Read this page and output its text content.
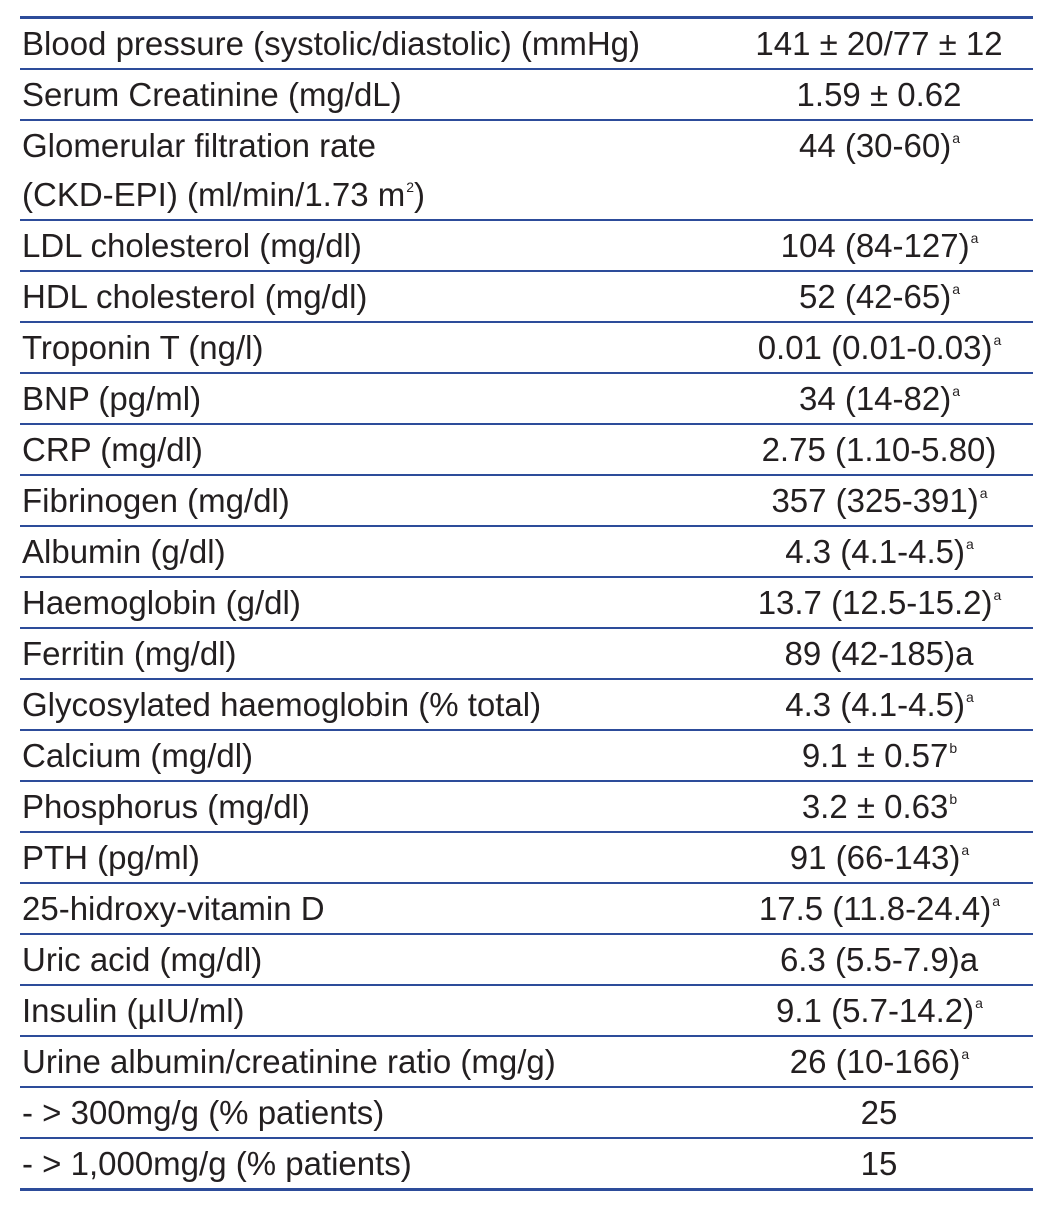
Blood pressure (systolic/diastolic) (mmHg)	141 ± 20/77 ± 12
Serum Creatinine (mg/dL)	1.59 ± 0.62

Glomerular filtration rate
(CKD-EPI) (ml/min/1.73 $m^2$)	44 $(30-60)^a$
LDL cholesterol (mg/dl)	104 $(84-127)^a$
HDL cholesterol (mg/dl)	52 $(42-65)^a$
Troponin T (ng/l)	0.01 $(0.01-0.03)^a$
BNP (pg/ml)	34 $(14-82)^a$
CRP (mg/dl)	2.75 (1.10-5.80)
Fibrinogen (mg/dl)	357 $(325-391)^a$
Albumin (g/dl)	4.3 $(4.1-4.5)^a$
Haemoglobin (g/dl)	13.7 $(12.5-15.2)^a$
Ferritin (mg/dl)	89 (42-185)a
Glycosylated haemoglobin (% total)	4.3 $(4.1-4.5)^a$
Calcium (mg/dl)	9.1 ± 0.57$^b$
Phosphorus (mg/dl)	3.2 ± 0.63$^b$
PTH (pg/ml)	91 $(66-143)^a$
25-hidroxy-vitamin D	17.5 $(11.8-24.4)^a$
Uric acid (mg/dl)	6.3 (5.5-7.9)a
Insulin (µIU/ml)	9.1 $(5.7-14.2)^a$
Urine albumin/creatinine ratio (mg/g)	26 $(10-166)^a$
- > 300mg/g (% patients)	25
- > 1,000mg/g (% patients)	15
